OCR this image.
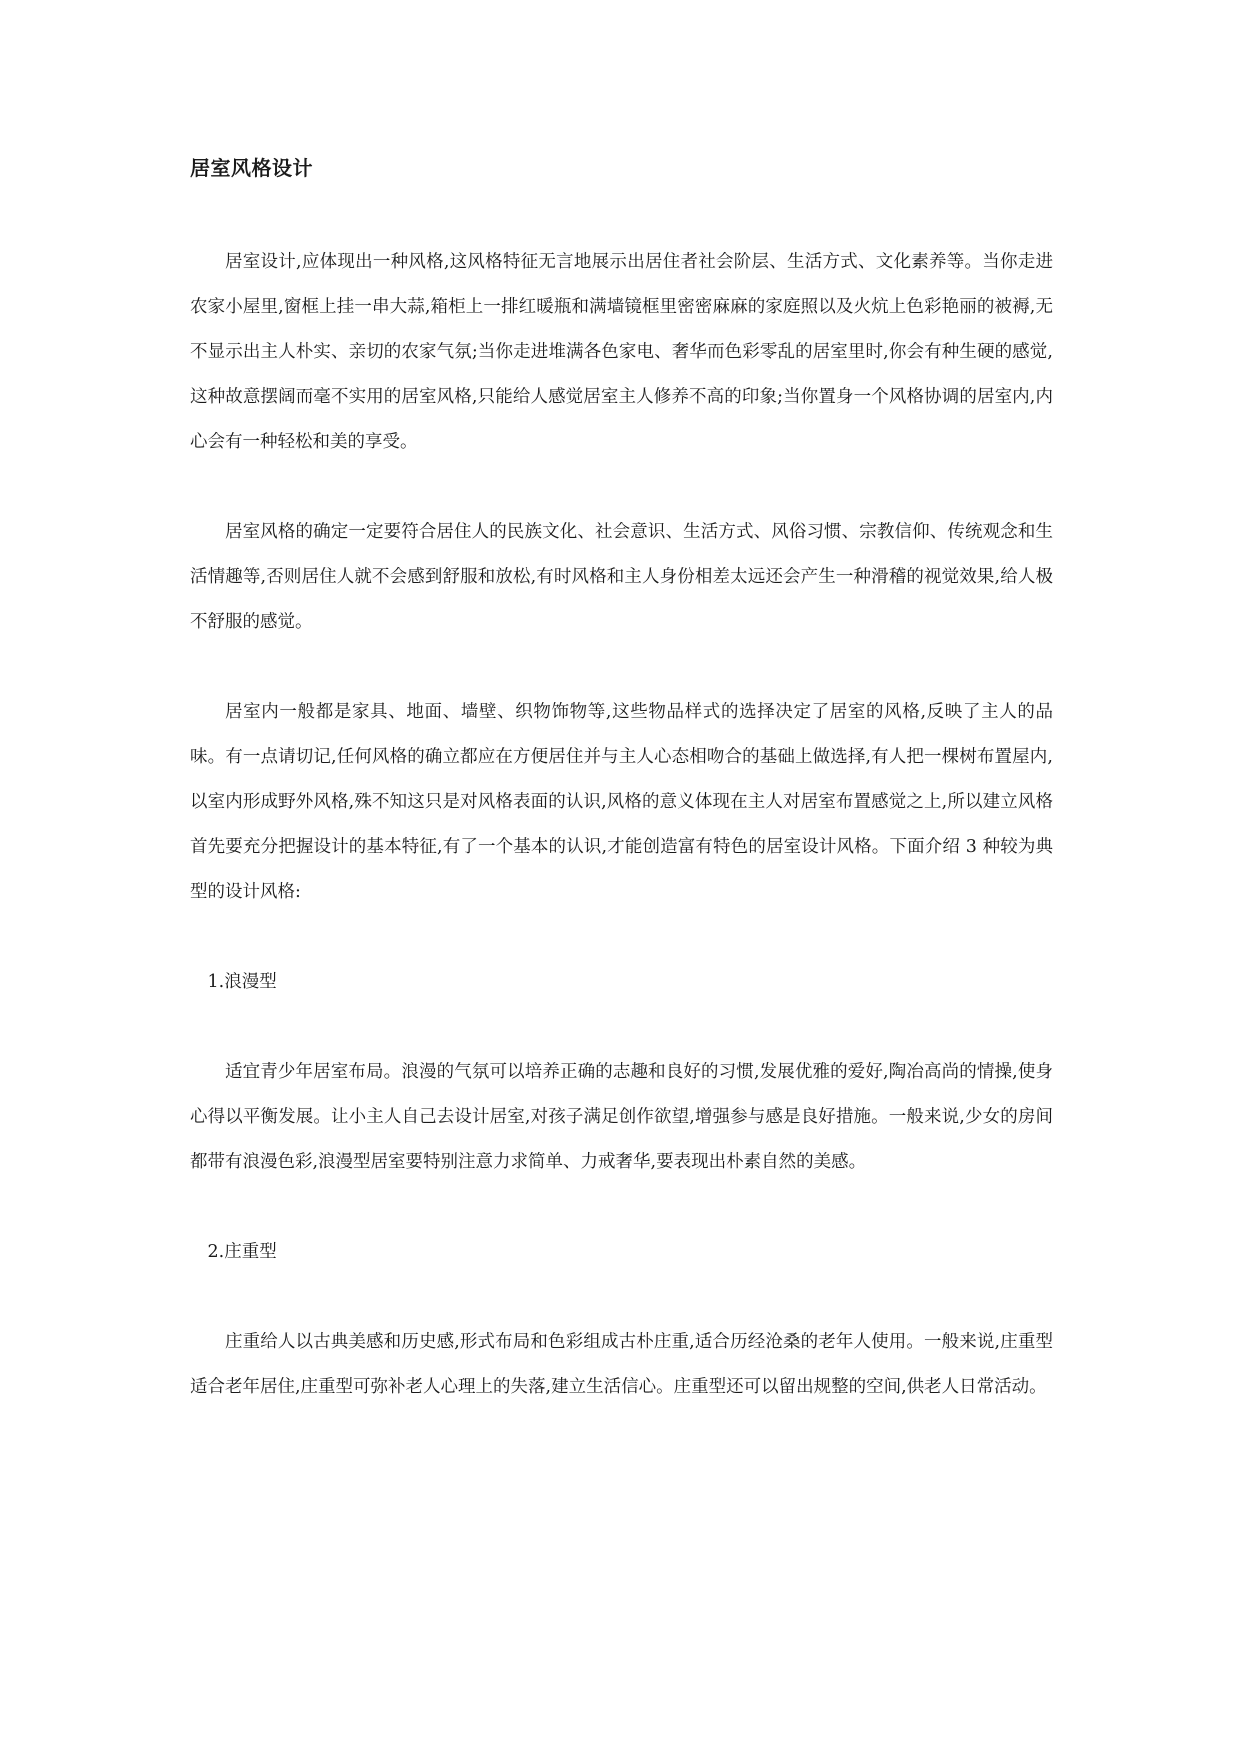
居室风格设计

居室设计,应体现出一种风格,这风格特征无言地展示出居住者社会阶层、生活方式、文化素养等。当你走进农家小屋里,窗框上挂一串大蒜,箱柜上一排红暖瓶和满墙镜框里密密麻麻的家庭照以及火炕上色彩艳丽的被褥,无不显示出主人朴实、亲切的农家气氛;当你走进堆满各色家电、奢华而色彩零乱的居室里时,你会有种生硬的感觉,这种故意摆阔而毫不实用的居室风格,只能给人感觉居室主人修养不高的印象;当你置身一个风格协调的居室内,内心会有一种轻松和美的享受。

居室风格的确定一定要符合居住人的民族文化、社会意识、生活方式、风俗习惯、宗教信仰、传统观念和生活情趣等,否则居住人就不会感到舒服和放松,有时风格和主人身份相差太远还会产生一种滑稽的视觉效果,给人极不舒服的感觉。

居室内一般都是家具、地面、墙壁、织物饰物等,这些物品样式的选择决定了居室的风格,反映了主人的品味。有一点请切记,任何风格的确立都应在方便居住并与主人心态相吻合的基础上做选择,有人把一棵树布置屋内,以室内形成野外风格,殊不知这只是对风格表面的认识,风格的意义体现在主人对居室布置感觉之上,所以建立风格首先要充分把握设计的基本特征,有了一个基本的认识,才能创造富有特色的居室设计风格。下面介绍 3 种较为典型的设计风格:

1.浪漫型

适宜青少年居室布局。浪漫的气氛可以培养正确的志趣和良好的习惯,发展优雅的爱好,陶冶高尚的情操,使身心得以平衡发展。让小主人自己去设计居室,对孩子满足创作欲望,增强参与感是良好措施。一般来说,少女的房间都带有浪漫色彩,浪漫型居室要特别注意力求简单、力戒奢华,要表现出朴素自然的美感。

2.庄重型

庄重给人以古典美感和历史感,形式布局和色彩组成古朴庄重,适合历经沧桑的老年人使用。一般来说,庄重型适合老年居住,庄重型可弥补老人心理上的失落,建立生活信心。庄重型还可以留出规整的空间,供老人日常活动。
